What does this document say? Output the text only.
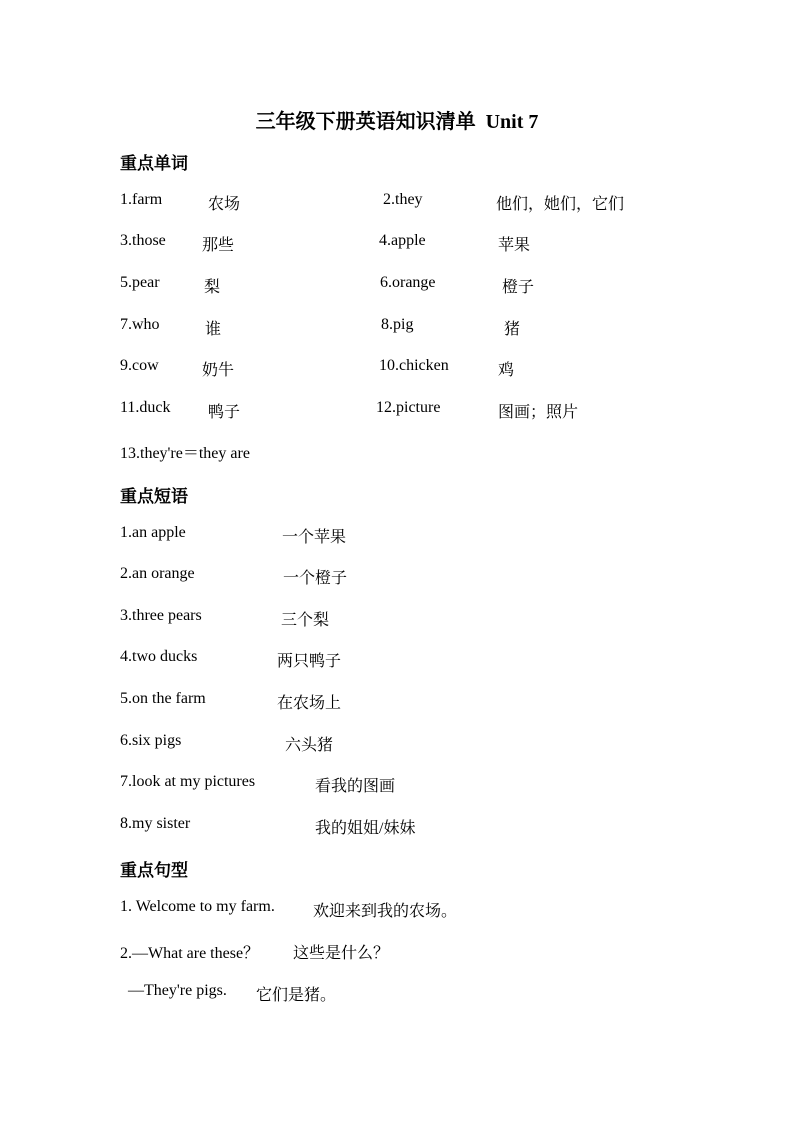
三年级下册英语知识清单  Unit 7
重点单词
1.farm	农场	2.they	他们，她们，它们
3.those 那些	4.apple	苹果
5.pear	梨	6.orange	橙子
7.who	谁	8.pig	猪
9.cow	奶牛	10.chicken	鸡
11.duck 鸭子	12.picture	图画；照片
13.they're＝they are
重点短语
1.an apple	一个苹果
2.an orange	一个橙子
3.three pears	三个梨
4.two ducks	两只鸭子
5.on the farm	在农场上
6.six pigs	六头猪
7.look at my pictures	看我的图画
8.my sister	我的姐姐/妹妹
重点句型
1. Welcome to my farm. 欢迎来到我的农场。
2.—What are these？ 这些是什么？
—They're pigs. 它们是猪。
